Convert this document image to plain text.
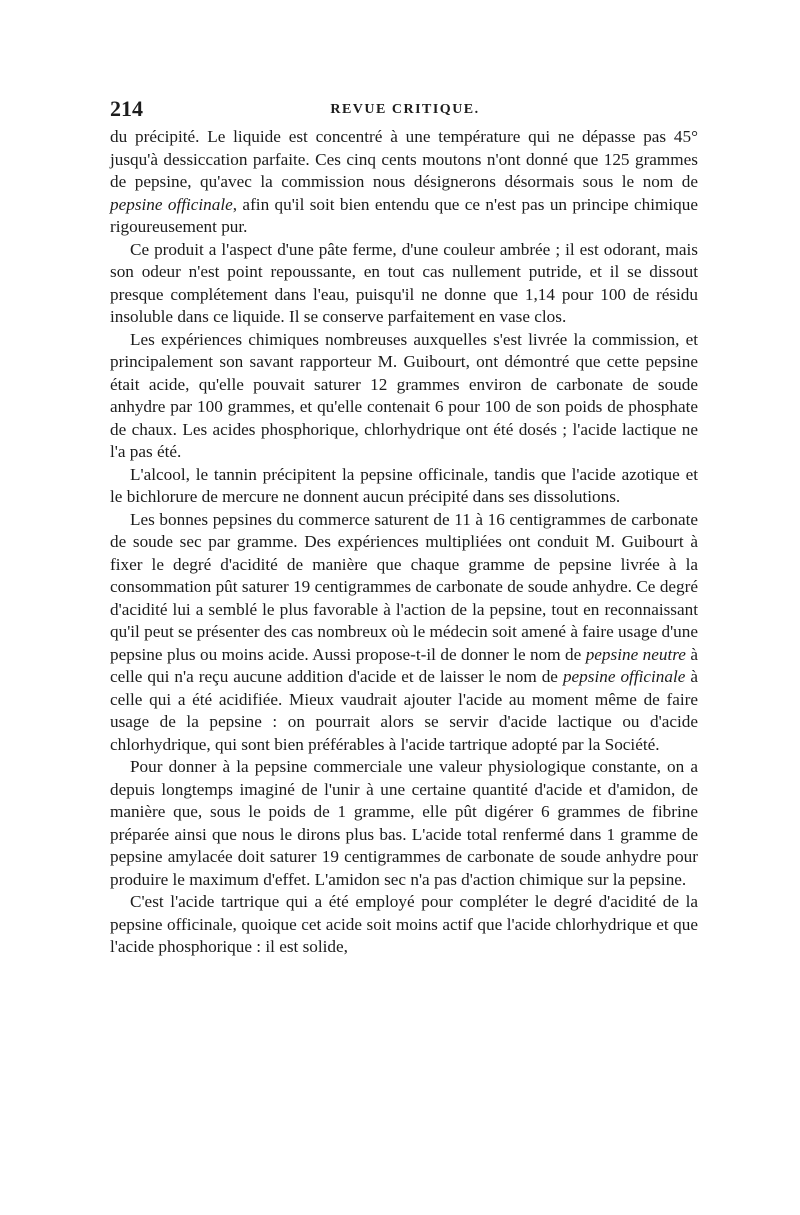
214	REVUE CRITIQUE.

du précipité. Le liquide est concentré à une température qui ne dépasse pas 45° jusqu'à dessiccation parfaite. Ces cinq cents moutons n'ont donné que 125 grammes de pepsine, qu'avec la commission nous désignerons désormais sous le nom de pepsine officinale, afin qu'il soit bien entendu que ce n'est pas un principe chimique rigoureusement pur.

Ce produit a l'aspect d'une pâte ferme, d'une couleur ambrée ; il est odorant, mais son odeur n'est point repoussante, en tout cas nullement putride, et il se dissout presque complétement dans l'eau, puisqu'il ne donne que 1,14 pour 100 de résidu insoluble dans ce liquide. Il se conserve parfaitement en vase clos.

Les expériences chimiques nombreuses auxquelles s'est livrée la commission, et principalement son savant rapporteur M. Guibourt, ont démontré que cette pepsine était acide, qu'elle pouvait saturer 12 grammes environ de carbonate de soude anhydre par 100 grammes, et qu'elle contenait 6 pour 100 de son poids de phosphate de chaux. Les acides phosphorique, chlorhydrique ont été dosés ; l'acide lactique ne l'a pas été.

L'alcool, le tannin précipitent la pepsine officinale, tandis que l'acide azotique et le bichlorure de mercure ne donnent aucun précipité dans ses dissolutions.

Les bonnes pepsines du commerce saturent de 11 à 16 centigrammes de carbonate de soude sec par gramme. Des expériences multipliées ont conduit M. Guibourt à fixer le degré d'acidité de manière que chaque gramme de pepsine livrée à la consommation pût saturer 19 centigrammes de carbonate de soude anhydre. Ce degré d'acidité lui a semblé le plus favorable à l'action de la pepsine, tout en reconnaissant qu'il peut se présenter des cas nombreux où le médecin soit amené à faire usage d'une pepsine plus ou moins acide. Aussi propose-t-il de donner le nom de pepsine neutre à celle qui n'a reçu aucune addition d'acide et de laisser le nom de pepsine officinale à celle qui a été acidifiée. Mieux vaudrait ajouter l'acide au moment même de faire usage de la pepsine : on pourrait alors se servir d'acide lactique ou d'acide chlorhydrique, qui sont bien préférables à l'acide tartrique adopté par la Société.

Pour donner à la pepsine commerciale une valeur physiologique constante, on a depuis longtemps imaginé de l'unir à une certaine quantité d'acide et d'amidon, de manière que, sous le poids de 1 gramme, elle pût digérer 6 grammes de fibrine préparée ainsi que nous le dirons plus bas. L'acide total renfermé dans 1 gramme de pepsine amylacée doit saturer 19 centigrammes de carbonate de soude anhydre pour produire le maximum d'effet. L'amidon sec n'a pas d'action chimique sur la pepsine.

C'est l'acide tartrique qui a été employé pour compléter le degré d'acidité de la pepsine officinale, quoique cet acide soit moins actif que l'acide chlorhydrique et que l'acide phosphorique : il est solide,
